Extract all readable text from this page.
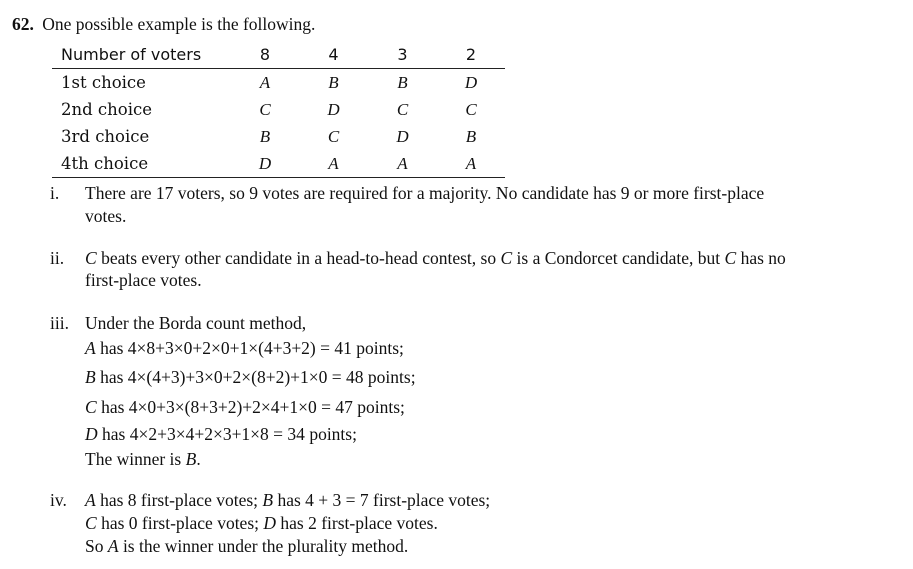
62. One possible example is the following.
Number of voters	8	4	3	2
1st choice	A	B	B	D
2nd choice	C	D	C	C
3rd choice	B	C	D	B
4th choice	D	A	A	A
i. There are 17 voters, so 9 votes are required for a majority. No candidate has 9 or more first-place
votes.
ii. C beats every other candidate in a head-to-head contest, so C is a Condorcet candidate, but C has no
first-place votes.
iii. Under the Borda count method,
A has 4×8+3×0+2×0+1×(4+3+2) = 41 points;
B has 4×(4+3)+3×0+2×(8+2)+1×0 = 48 points;
C has 4×0+3×(8+3+2)+2×4+1×0 = 47 points;
D has 4×2+3×4+2×3+1×8 = 34 points;
The winner is B.
iv. A has 8 first-place votes; B has 4 + 3 = 7 first-place votes;
C has 0 first-place votes; D has 2 first-place votes.
So A is the winner under the plurality method.
